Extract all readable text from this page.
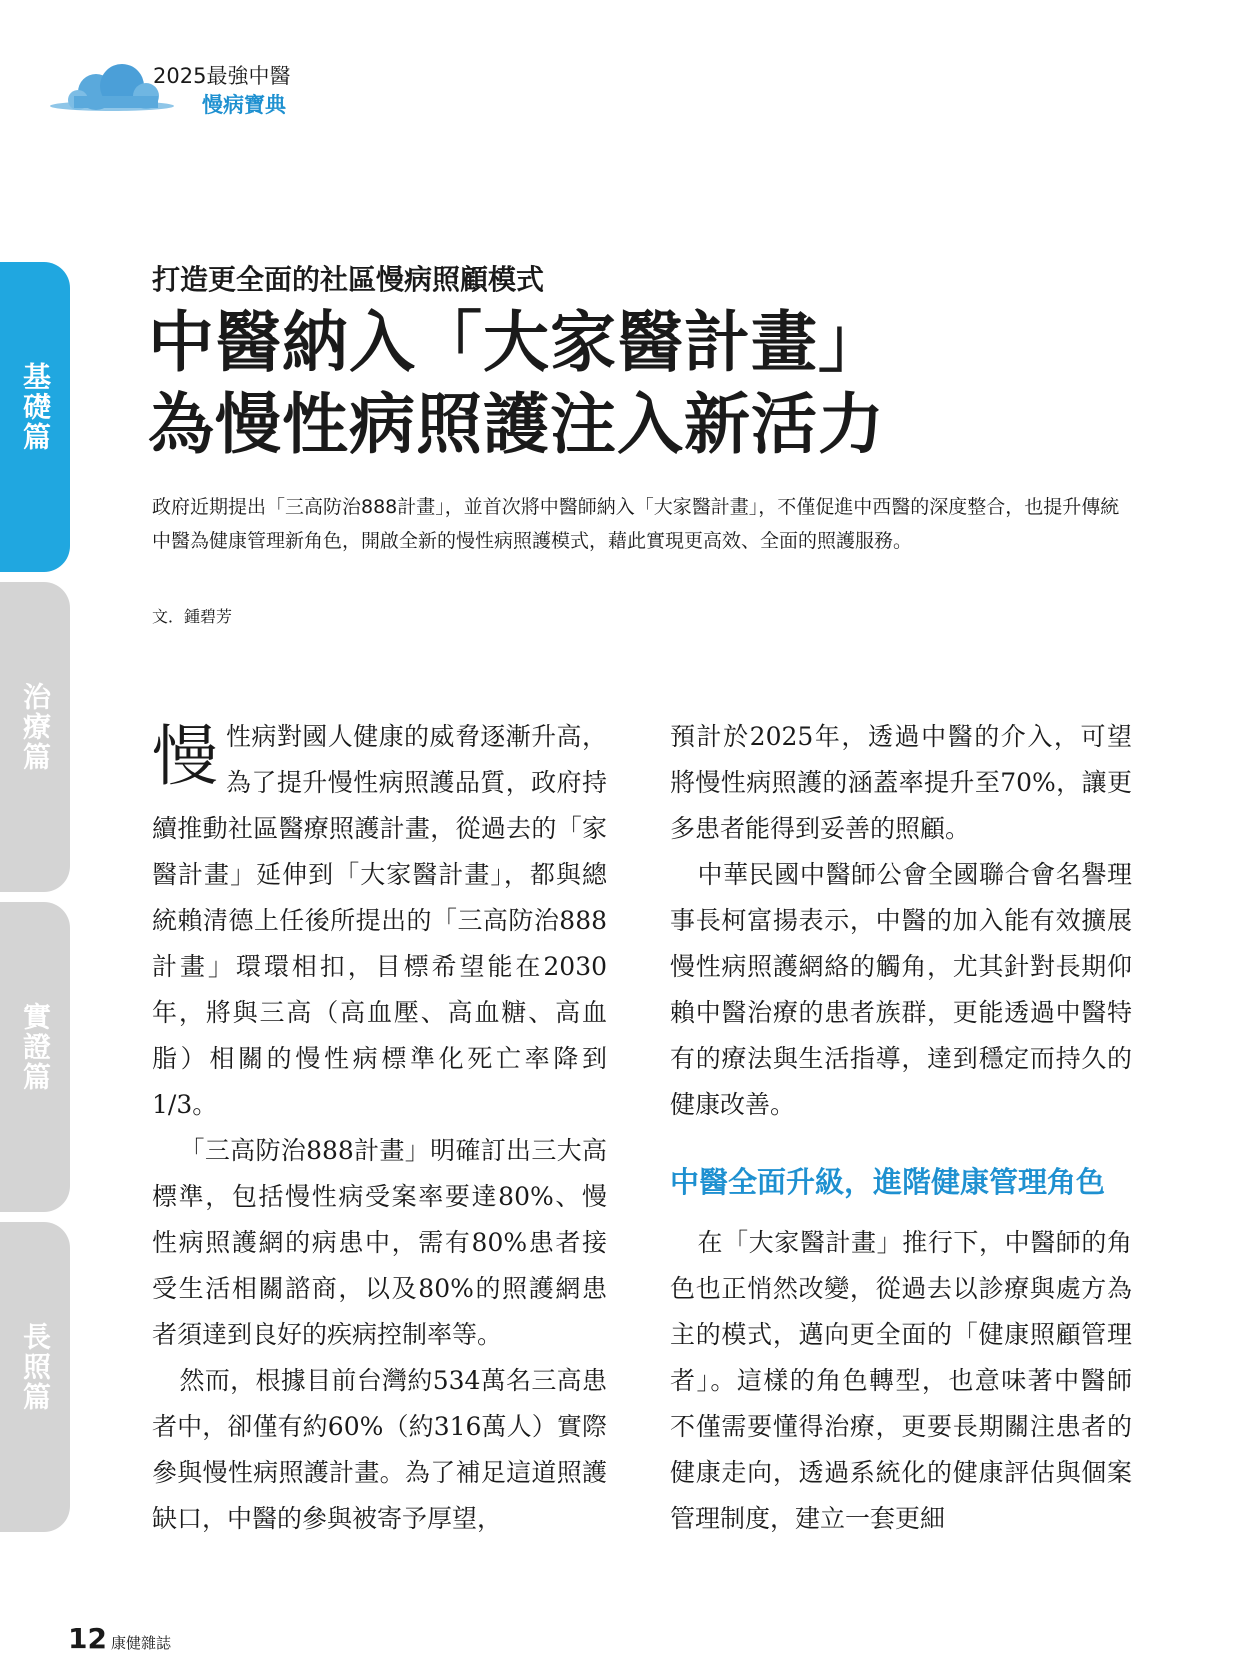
2025最強中醫
慢病寶典
基礎篇
治療篇
實證篇
長照篇
打造更全面的社區慢病照顧模式
中醫納入「大家醫計畫」
為慢性病照護注入新活力
政府近期提出「三高防治888計畫」，並首次將中醫師納入「大家醫計畫」，不僅促進中西醫的深度整合，也提升傳統中醫為健康管理新角色，開啟全新的慢性病照護模式，藉此實現更高效、全面的照護服務。
文．鍾碧芳

慢性病對國人健康的威脅逐漸升高，為了提升慢性病照護品質，政府持續推動社區醫療照護計畫，從過去的「家醫計畫」延伸到「大家醫計畫」，都與總統賴清德上任後所提出的「三高防治888計畫」環環相扣，目標希望能在2030年，將與三高（高血壓、高血糖、高血脂）相關的慢性病標準化死亡率降到1/3。

「三高防治888計畫」明確訂出三大高標準，包括慢性病受案率要達80%、慢性病照護網的病患中，需有80%患者接受生活相關諮商，以及80%的照護網患者須達到良好的疾病控制率等。

然而，根據目前台灣約534萬名三高患者中，卻僅有約60%（約316萬人）實際參與慢性病照護計畫。為了補足這道照護缺口，中醫的參與被寄予厚望，

預計於2025年，透過中醫的介入，可望將慢性病照護的涵蓋率提升至70%，讓更多患者能得到妥善的照顧。

中華民國中醫師公會全國聯合會名譽理事長柯富揚表示，中醫的加入能有效擴展慢性病照護網絡的觸角，尤其針對長期仰賴中醫治療的患者族群，更能透過中醫特有的療法與生活指導，達到穩定而持久的健康改善。

中醫全面升級，進階健康管理角色

在「大家醫計畫」推行下，中醫師的角色也正悄然改變，從過去以診療與處方為主的模式，邁向更全面的「健康照顧管理者」。這樣的角色轉型，也意味著中醫師不僅需要懂得治療，更要長期關注患者的健康走向，透過系統化的健康評估與個案管理制度，建立一套更細

12 康健雜誌
